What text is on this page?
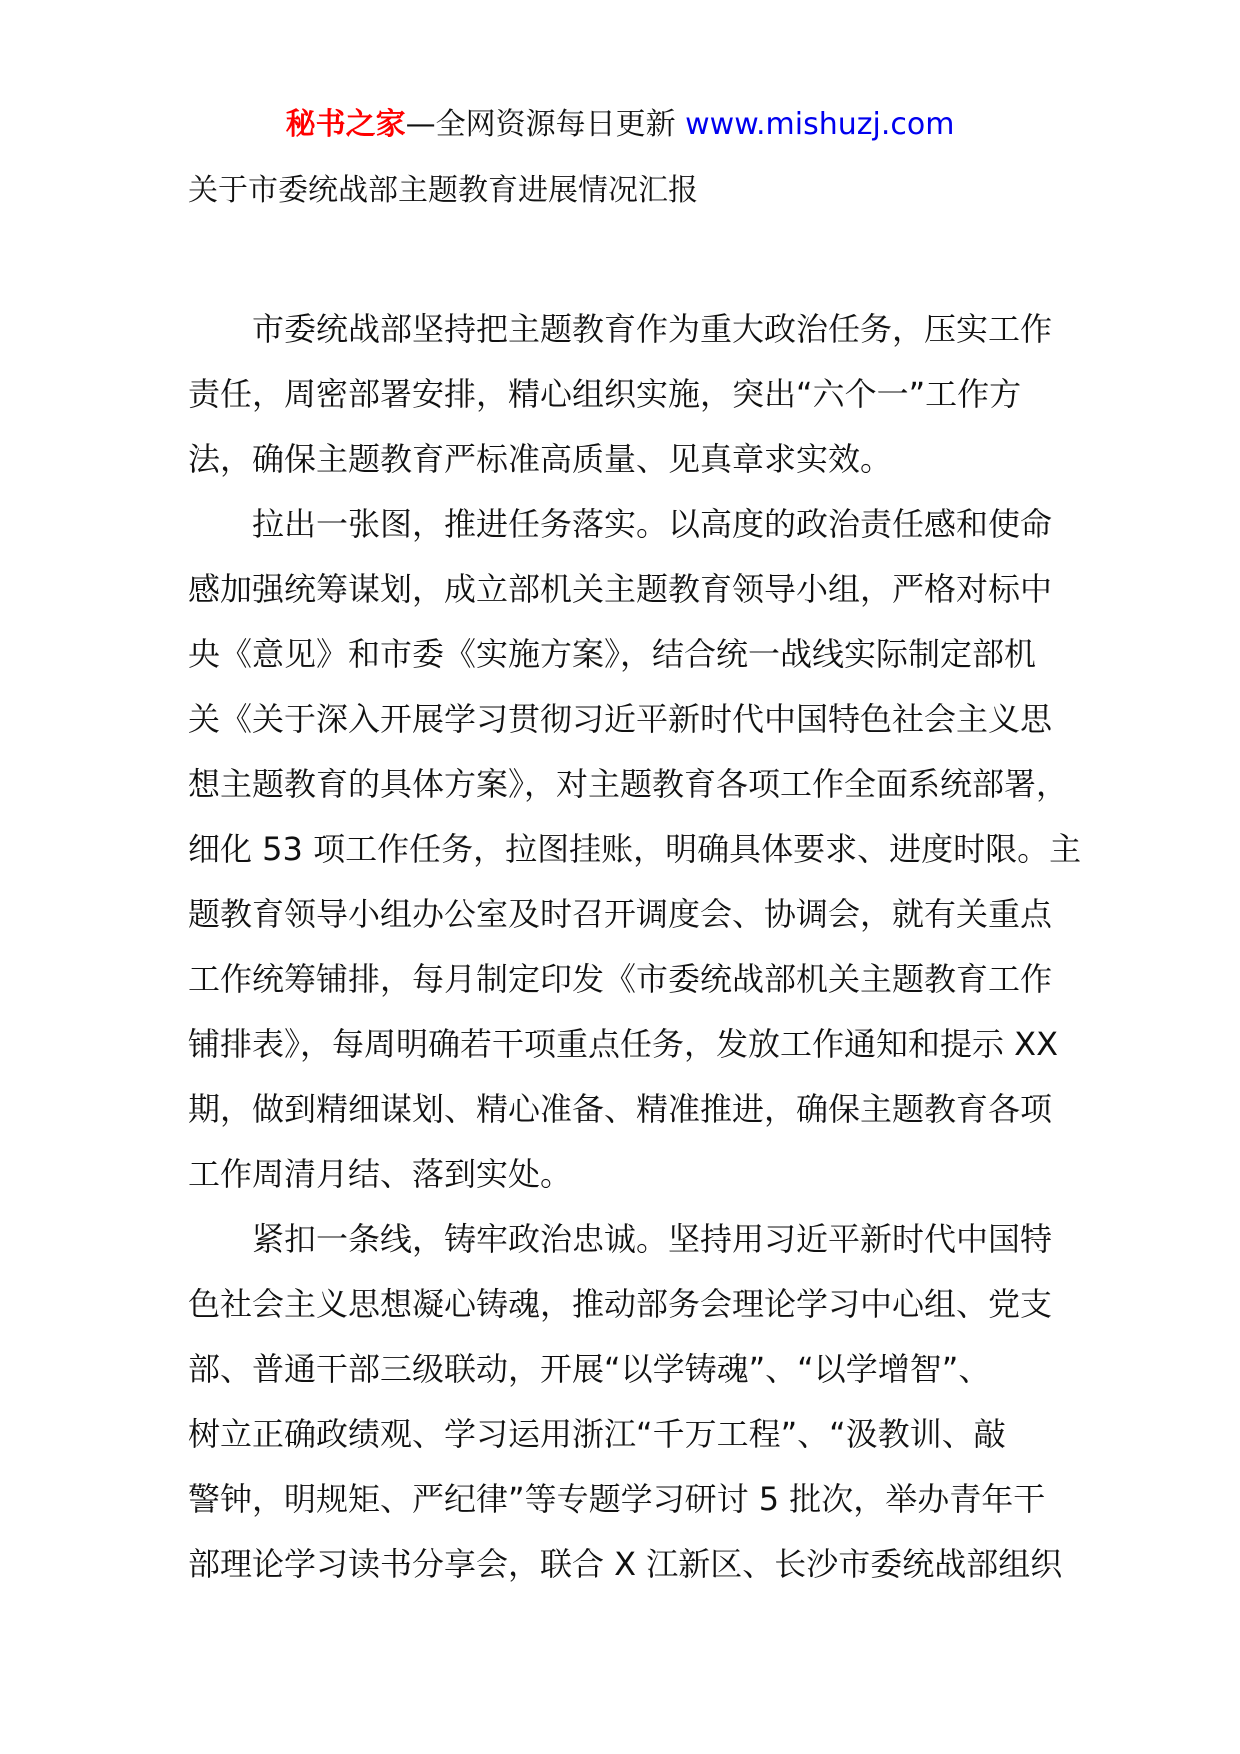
秘书之家—全网资源每日更新 www.mishuzj.com
关于市委统战部主题教育进展情况汇报

市委统战部坚持把主题教育作为重大政治任务，压实工作
责任，周密部署安排，精心组织实施，突出“六个一”工作方
法，确保主题教育严标准高质量、见真章求实效。

拉出一张图，推进任务落实。以高度的政治责任感和使命
感加强统筹谋划，成立部机关主题教育领导小组，严格对标中
央《意见》和市委《实施方案》，结合统一战线实际制定部机
关《关于深入开展学习贯彻习近平新时代中国特色社会主义思
想主题教育的具体方案》，对主题教育各项工作全面系统部署，
细化 53 项工作任务，拉图挂账，明确具体要求、进度时限。主
题教育领导小组办公室及时召开调度会、协调会，就有关重点
工作统筹铺排，每月制定印发《市委统战部机关主题教育工作
铺排表》，每周明确若干项重点任务，发放工作通知和提示 XX
期，做到精细谋划、精心准备、精准推进，确保主题教育各项
工作周清月结、落到实处。

紧扣一条线，铸牢政治忠诚。坚持用习近平新时代中国特
色社会主义思想凝心铸魂，推动部务会理论学习中心组、党支
部、普通干部三级联动，开展“以学铸魂”、“以学增智”、
树立正确政绩观、学习运用浙江“千万工程”、“汲教训、敲
警钟，明规矩、严纪律”等专题学习研讨 5 批次，举办青年干
部理论学习读书分享会，联合 X 江新区、长沙市委统战部组织
